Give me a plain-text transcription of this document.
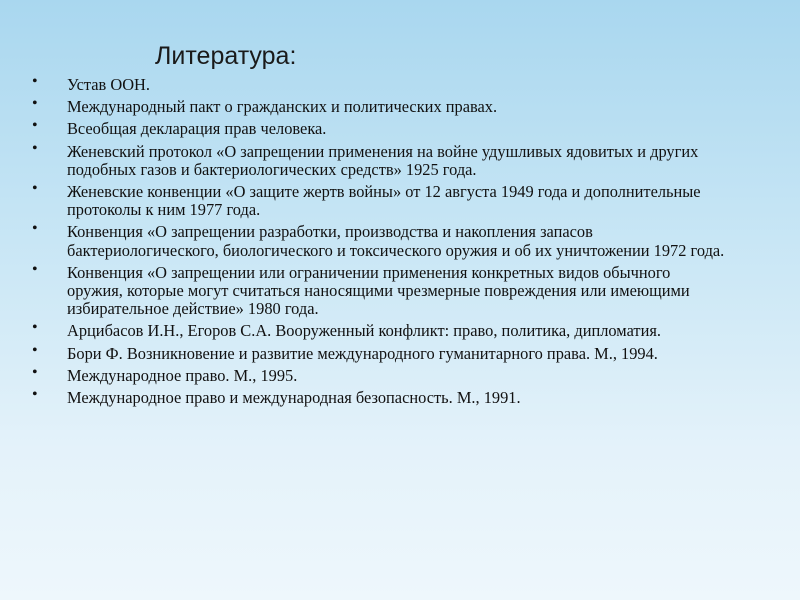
Литература:
• Устав ООН.
• Международный пакт о гражданских и политических правах.
• Всеобщая декларация прав человека.
• Женевский протокол «О запрещении применения на войне удушливых ядовитых и других подобных газов и бактериологических средств» 1925 года.
• Женевские конвенции «О защите жертв войны» от 12 августа 1949 года и дополнительные протоколы к ним 1977 года.
• Конвенция «О запрещении разработки, производства и накопления запасов бактериологического, биологического и токсического оружия и об их уничтожении 1972 года.
• Конвенция «О запрещении или ограничении применения конкретных видов обычного оружия, которые могут считаться наносящими чрезмерные повреждения или имеющими избирательное действие» 1980 года.
• Арцибасов И.Н., Егоров С.А. Вооруженный конфликт: право, политика, дипломатия.
• Бори Ф. Возникновение и развитие международного гуманитарного права. М., 1994.
• Международное право. М., 1995.
• Международное право и международная безопасность. М., 1991.
